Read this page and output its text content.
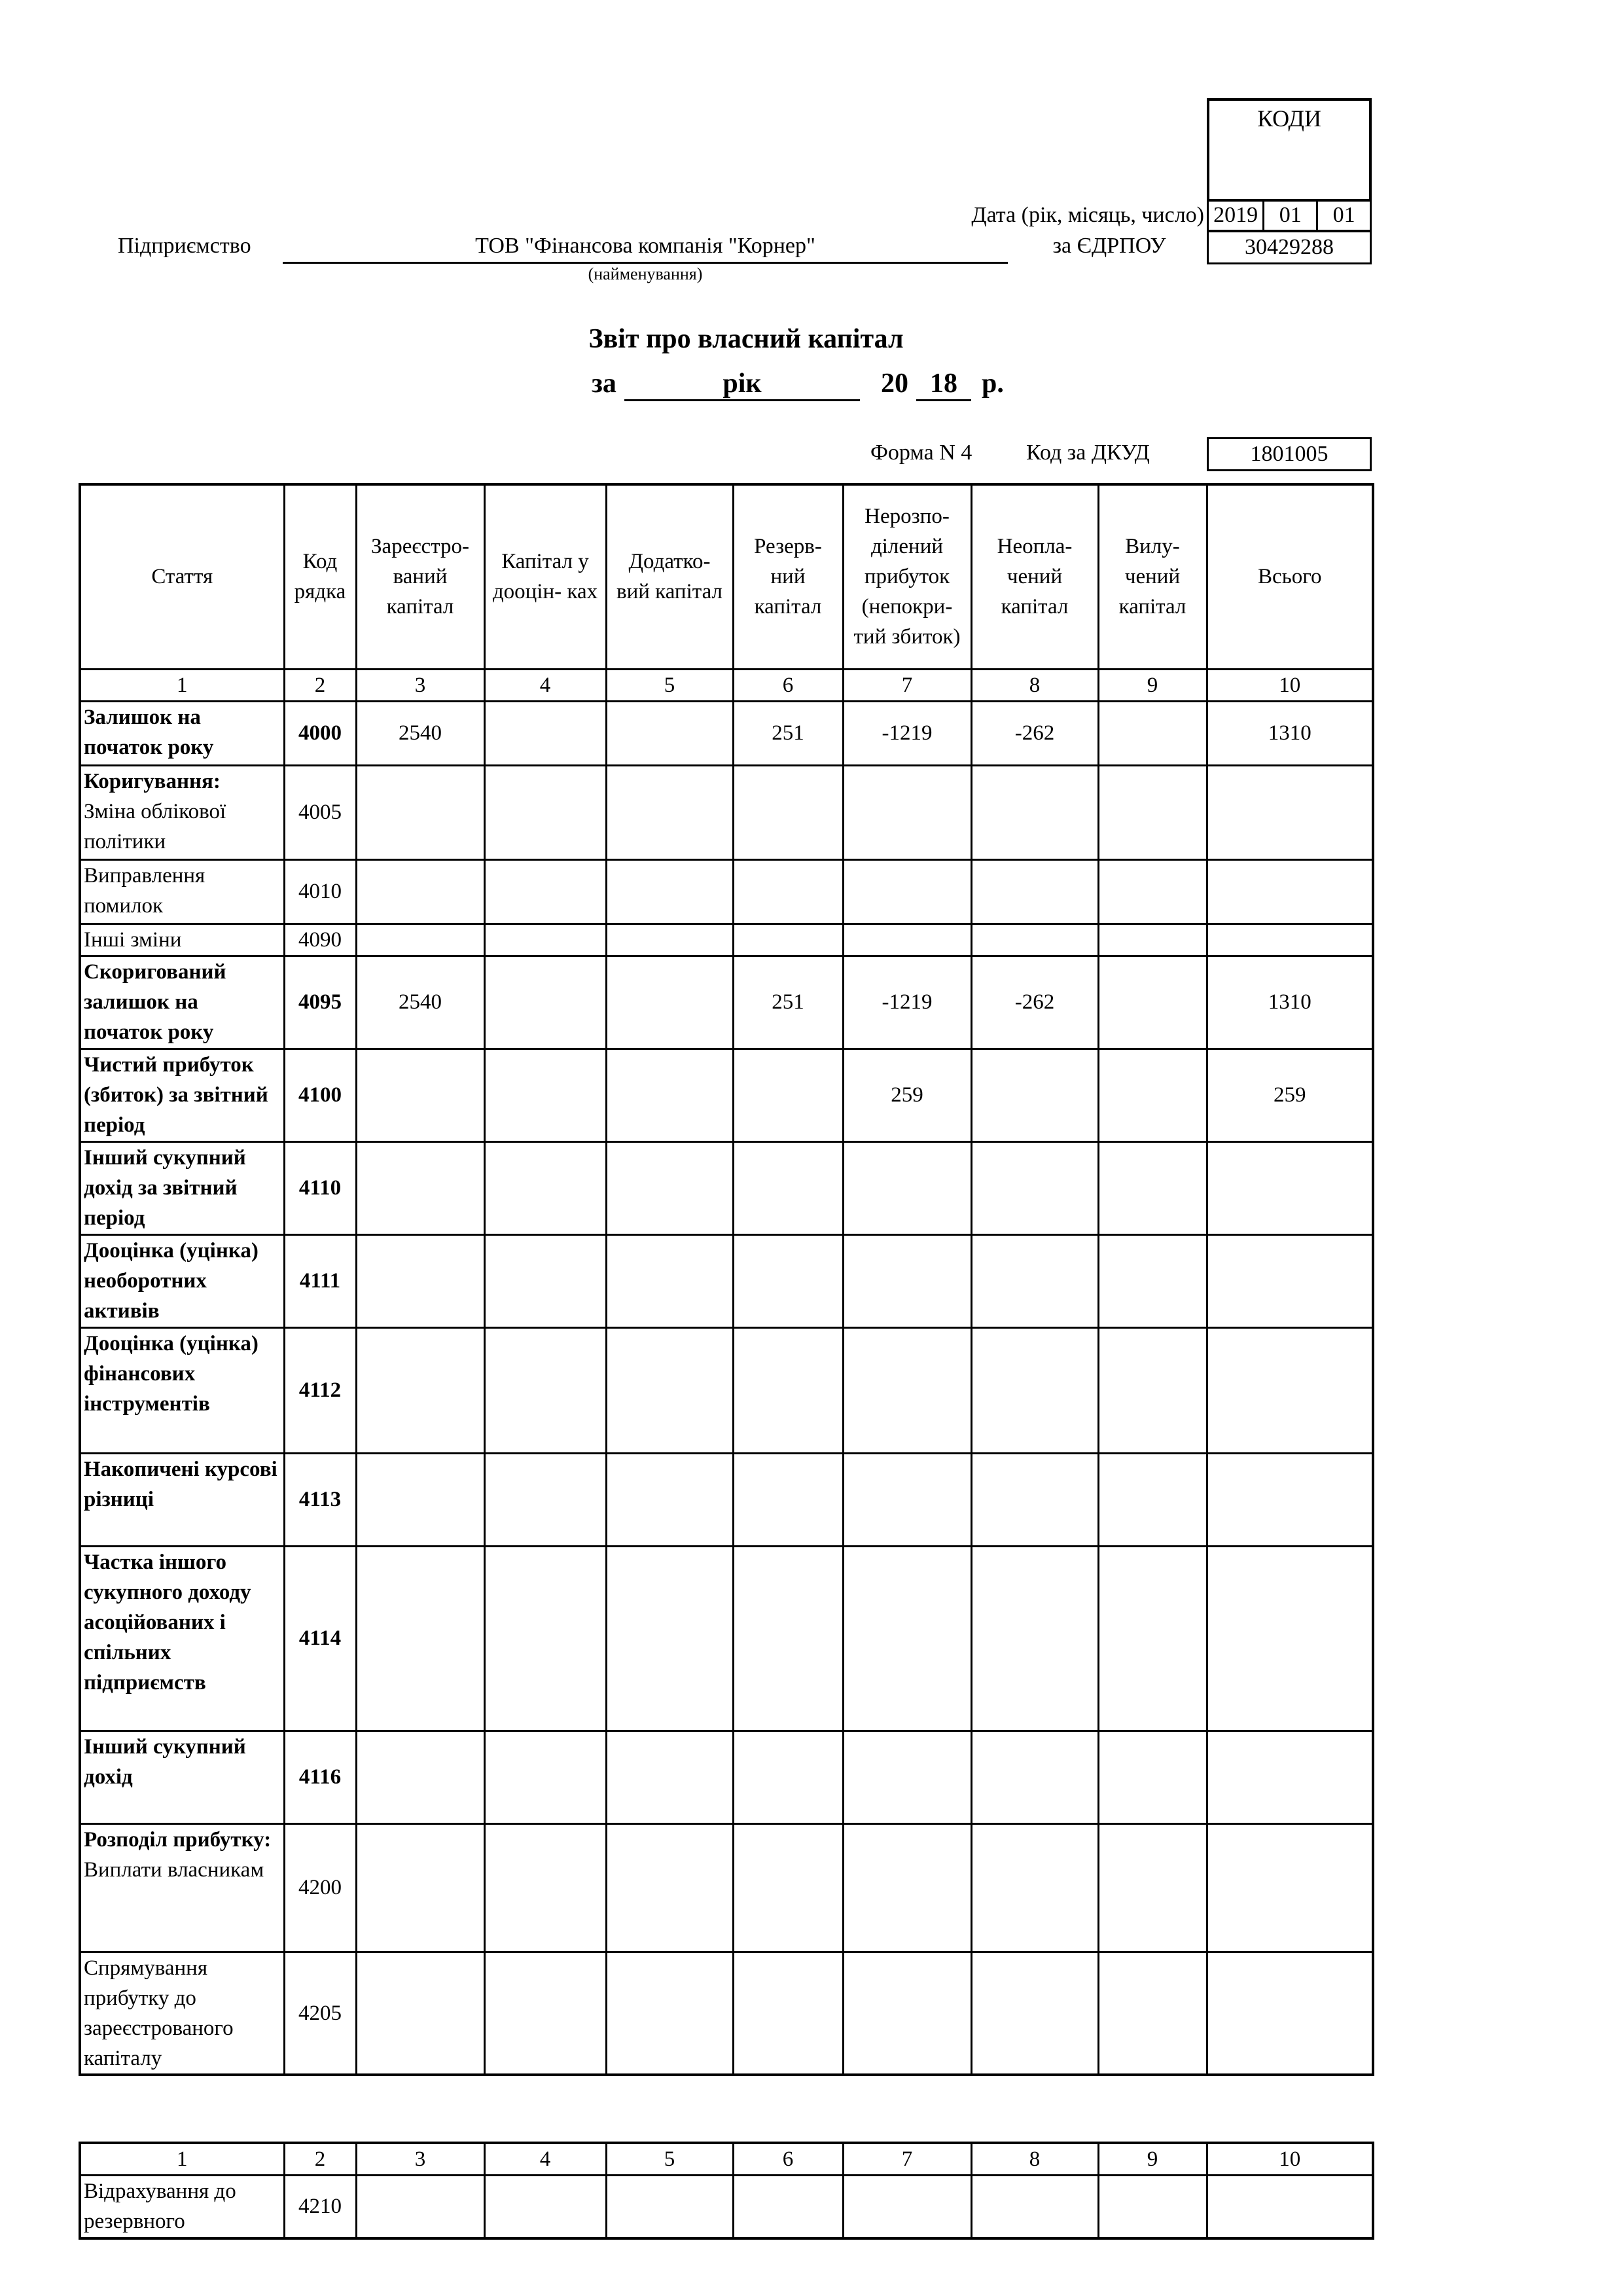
КОДИ
Дата (рік, місяць, число) 2019	01	01
30429288
Підприємство	ТОВ "Фінансова компанія "Корнер"
(найменування)
за ЄДРПОУ
Звіт про власний капітал
за	рік	20 18 р.
Форма N 4 Код за ДКУД	1801005
Стаття	Код рядка	Зареєстро- ваний капітал	Капітал у дооцін- ках	Додатко- вий капітал	Резерв- ний капітал	Нерозпо- ділений прибуток (непокри- тий збиток)	Неопла- чений капітал	Вилу- чений капітал	Всього
1	2	3	4	5	6	7	8	9	10

Залишок на початок року	4000	2540			251	-1219	-262		1310

Коригування:
Зміна облікової політики	4005								

Виправлення помилок	4010								

Інші зміни	4090								

Скоригований залишок на початок року	4095	2540			251	-1219	-262		1310

Чистий прибуток (збиток) за звітний період	4100					259			259

Інший сукупний дохід за звітний період	4110								

Дооцінка (уцінка) необоротних активів	4111								

Дооцінка (уцінка) фінансових інструментів	4112								

Накопичені курсові різниці	4113								

Частка іншого сукупного доходу асоційованих і спільних підприємств	4114								

Інший сукупний дохід	4116								

Розподіл прибутку:
Виплати власникам	4200								

Спрямування прибутку до зареєстрованого капіталу	4205								
1	2	3	4	5	6	7	8	9	10

Відрахування до резервного	4210								
